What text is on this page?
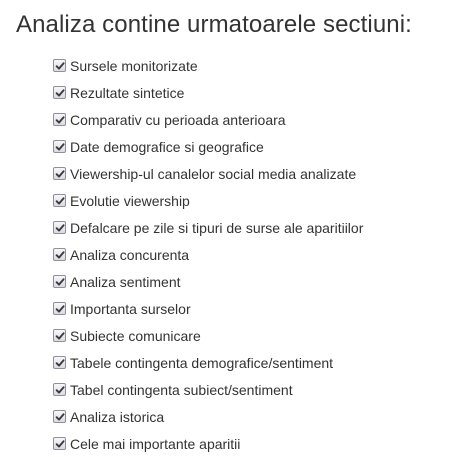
Analiza contine urmatoarele sectiuni:
Sursele monitorizate
Rezultate sintetice
Comparativ cu perioada anterioara
Date demografice si geografice
Viewership-ul canalelor social media analizate
Evolutie viewership
Defalcare pe zile si tipuri de surse ale aparitiilor
Analiza concurenta
Analiza sentiment
Importanta surselor
Subiecte comunicare
Tabele contingenta demografice/sentiment
Tabel contingenta subiect/sentiment
Analiza istorica
Cele mai importante aparitii
